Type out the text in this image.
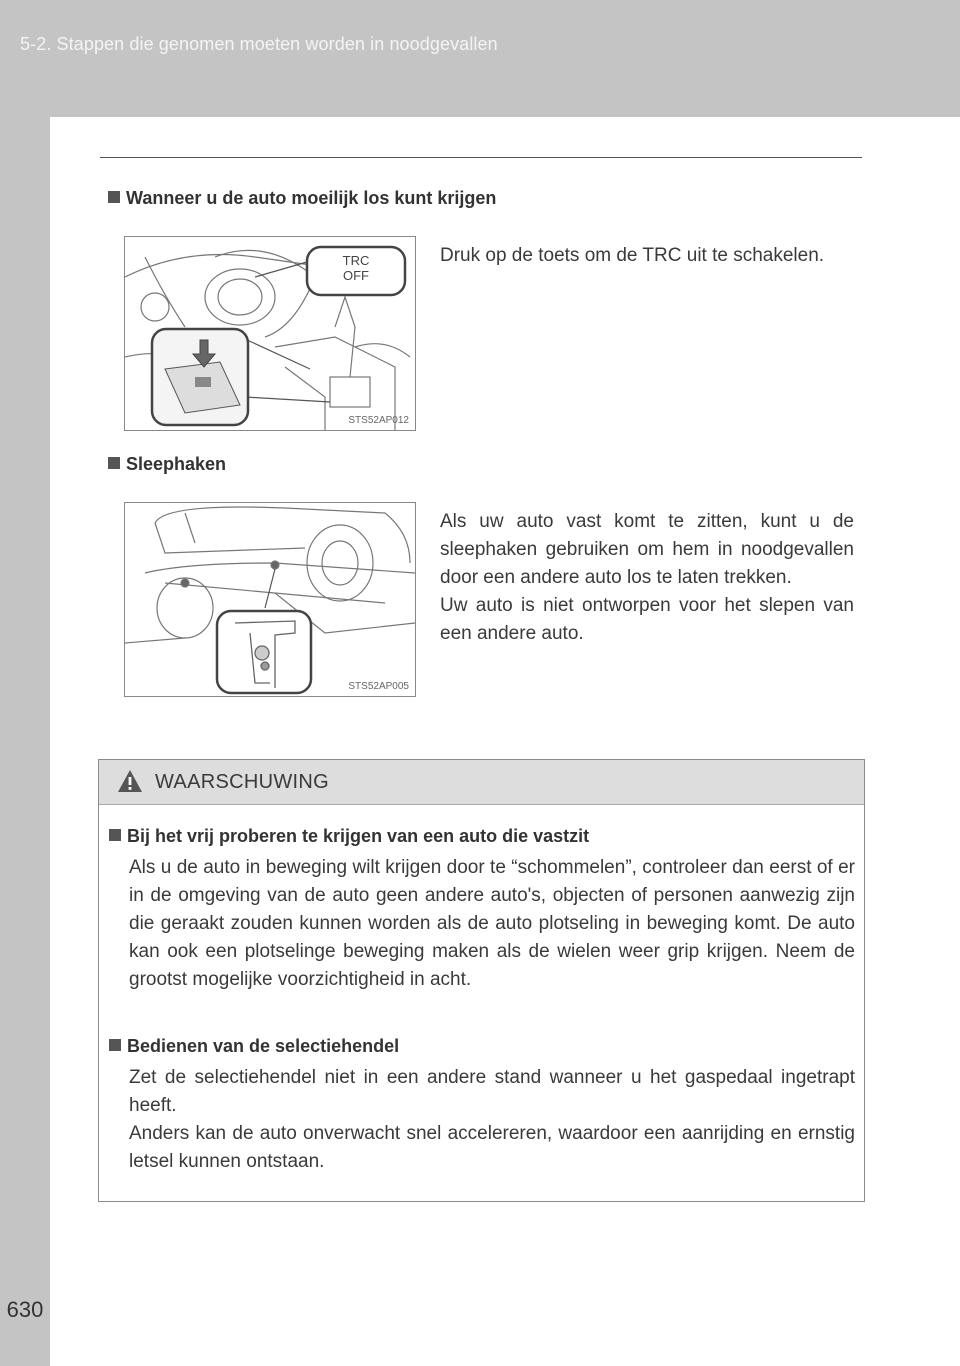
5-2. Stappen die genomen moeten worden in noodgevallen
630
Wanneer u de auto moeilijk los kunt krijgen
TRC
OFF
STS52AP012

Druk op de toets om de TRC uit te schakelen.

Sleephaken
STS52AP005

Als uw auto vast komt te zitten, kunt u de sleephaken gebruiken om hem in noodgevallen door een andere auto los te laten trekken.

Uw auto is niet ontworpen voor het slepen van een andere auto.

WAARSCHUWING
Bij het vrij proberen te krijgen van een auto die vastzit

Als u de auto in beweging wilt krijgen door te “schommelen”, controleer dan eerst of er in de omgeving van de auto geen andere auto's, objecten of personen aanwezig zijn die geraakt zouden kunnen worden als de auto plotseling in beweging komt. De auto kan ook een plotselinge beweging maken als de wielen weer grip krijgen. Neem de grootst mogelijke voorzichtigheid in acht.

Bedienen van de selectiehendel

Zet de selectiehendel niet in een andere stand wanneer u het gaspedaal ingetrapt heeft.

Anders kan de auto onverwacht snel accelereren, waardoor een aanrijding en ernstig letsel kunnen ontstaan.
